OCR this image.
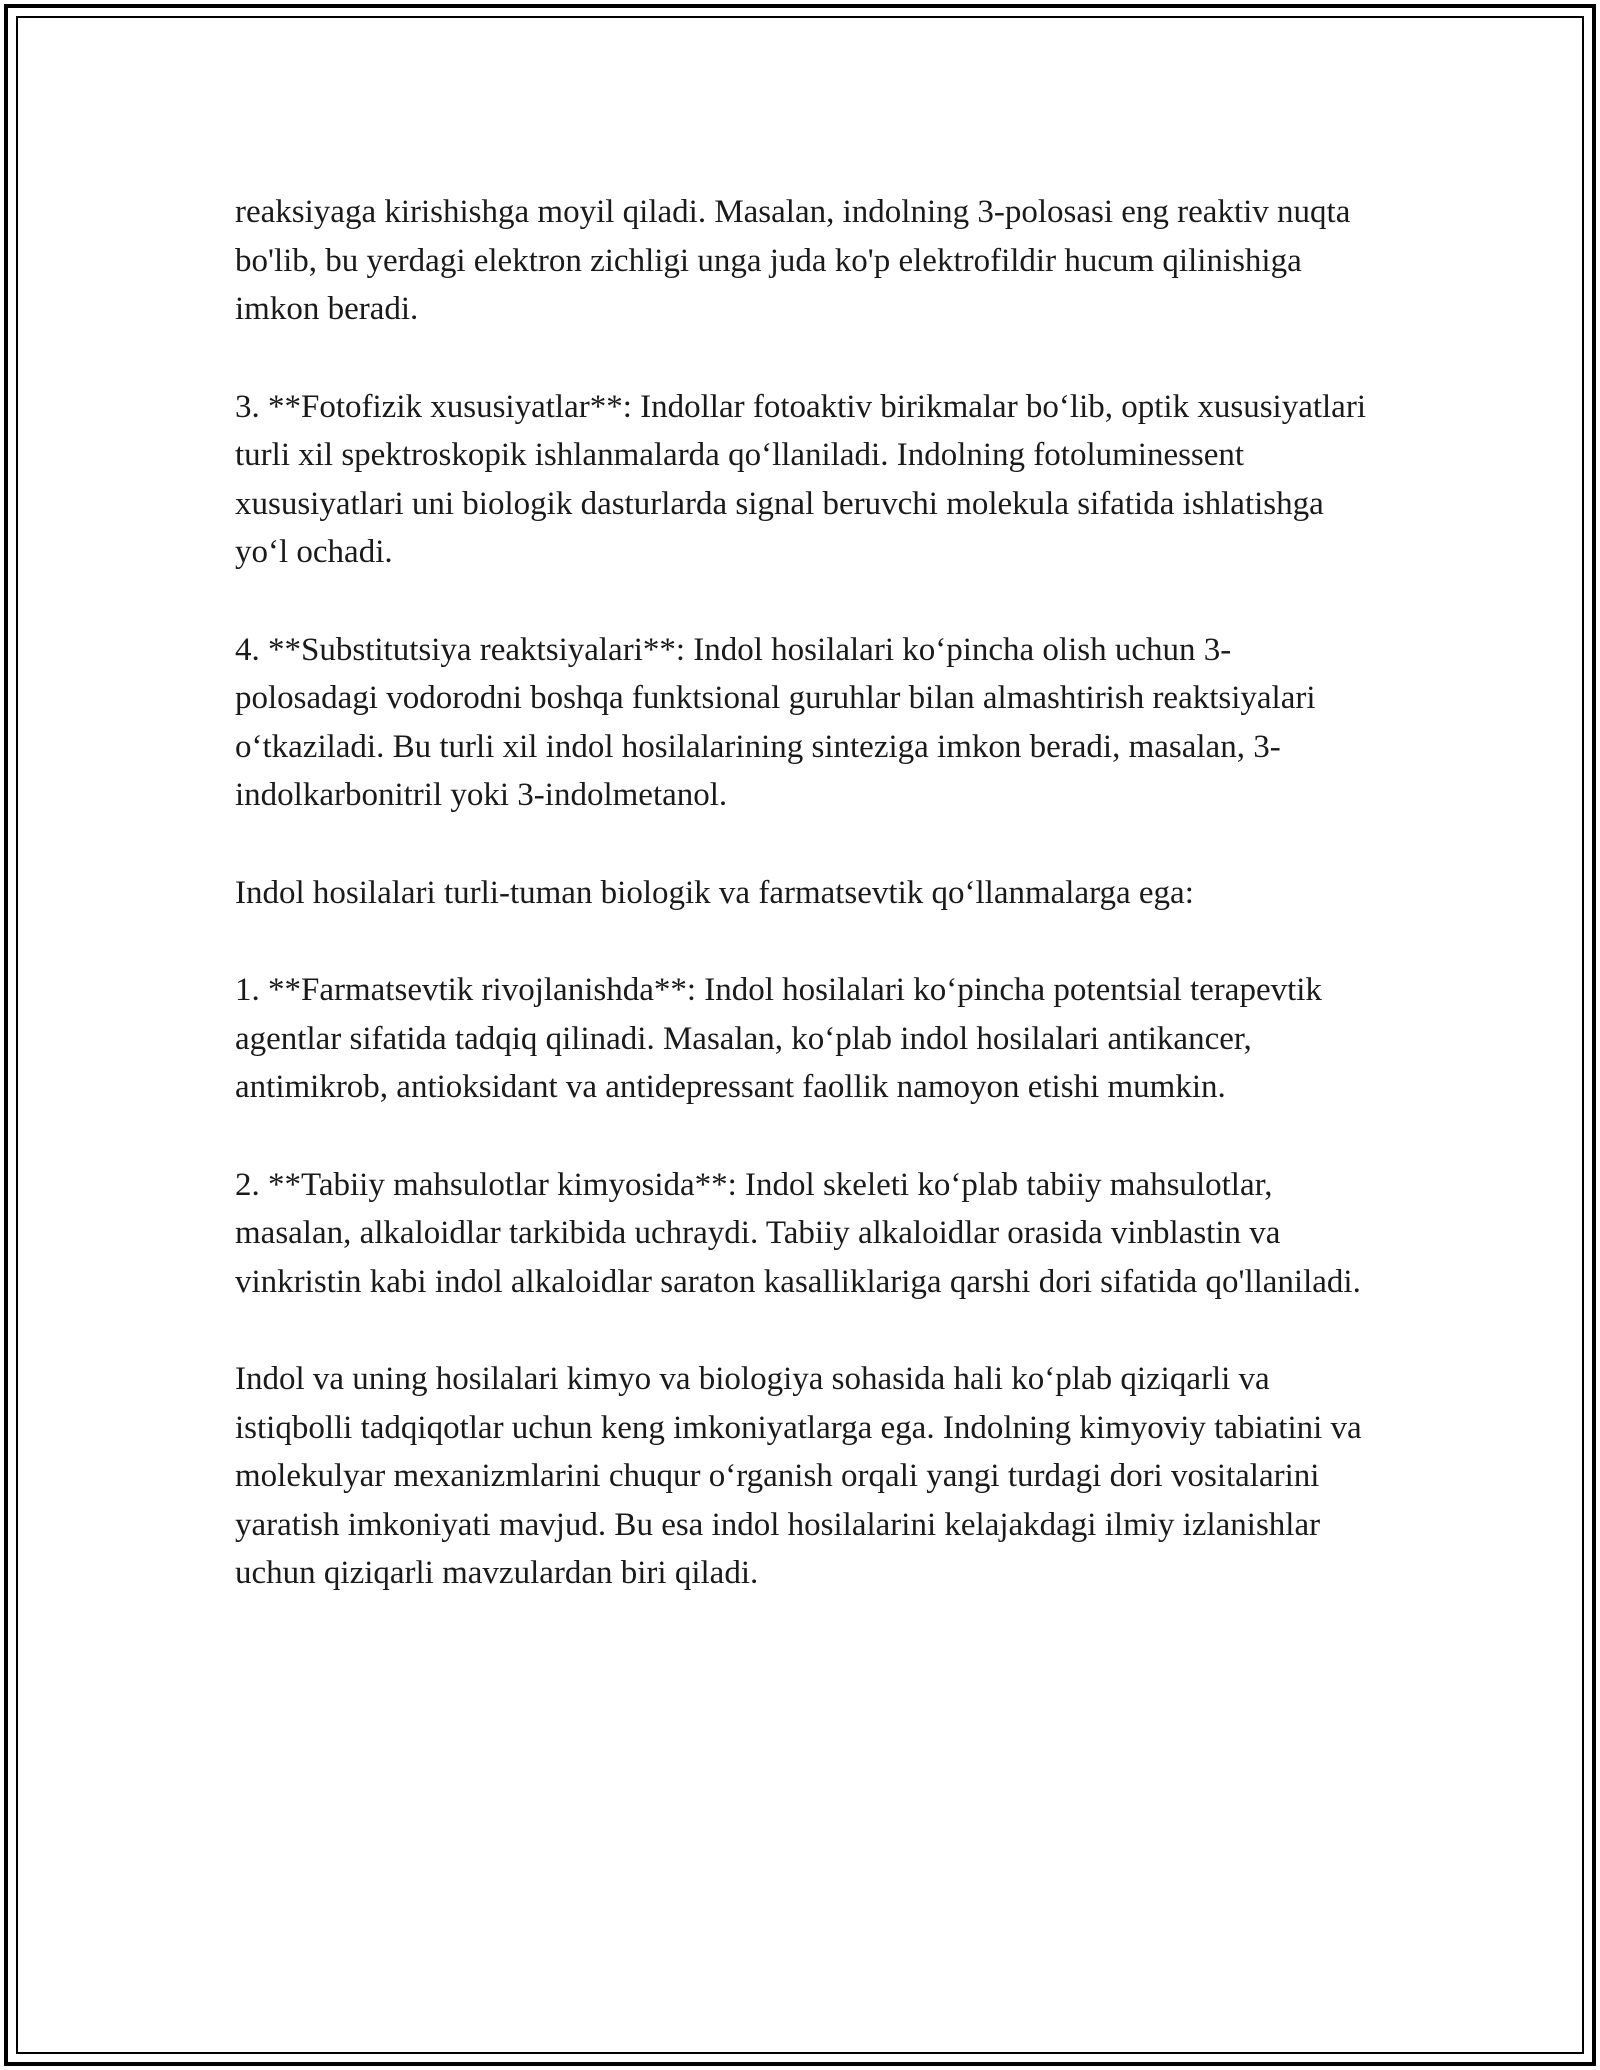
reaksiyaga kirishishga moyil qiladi. Masalan, indolning 3-polosasi eng reaktiv nuqta bo'lib, bu yerdagi elektron zichligi unga juda ko'p elektrofildir hucum qilinishiga imkon beradi.

3. **Fotofizik xususiyatlar**: Indollar fotoaktiv birikmalar bo‘lib, optik xususiyatlari turli xil spektroskopik ishlanmalarda qo‘llaniladi. Indolning fotoluminessent xususiyatlari uni biologik dasturlarda signal beruvchi molekula sifatida ishlatishga yo‘l ochadi.

4. **Substitutsiya reaktsiyalari**: Indol hosilalari ko‘pincha olish uchun 3-polosadagi vodorodni boshqa funktsional guruhlar bilan almashtirish reaktsiyalari o‘tkaziladi. Bu turli xil indol hosilalarining sinteziga imkon beradi, masalan, 3-indolkarbonitril yoki 3-indolmetanol.

Indol hosilalari turli-tuman biologik va farmatsevtik qo‘llanmalarga ega:

1. **Farmatsevtik rivojlanishda**: Indol hosilalari ko‘pincha potentsial terapevtik agentlar sifatida tadqiq qilinadi. Masalan, ko‘plab indol hosilalari antikancer, antimikrob, antioksidant va antidepressant faollik namoyon etishi mumkin.

2. **Tabiiy mahsulotlar kimyosida**: Indol skeleti ko‘plab tabiiy mahsulotlar, masalan, alkaloidlar tarkibida uchraydi. Tabiiy alkaloidlar orasida vinblastin va vinkristin kabi indol alkaloidlar saraton kasalliklariga qarshi dori sifatida qo'llaniladi.

Indol va uning hosilalari kimyo va biologiya sohasida hali ko‘plab qiziqarli va istiqbolli tadqiqotlar uchun keng imkoniyatlarga ega. Indolning kimyoviy tabiatini va molekulyar mexanizmlarini chuqur o‘rganish orqali yangi turdagi dori vositalarini yaratish imkoniyati mavjud. Bu esa indol hosilalarini kelajakdagi ilmiy izlanishlar uchun qiziqarli mavzulardan biri qiladi.
